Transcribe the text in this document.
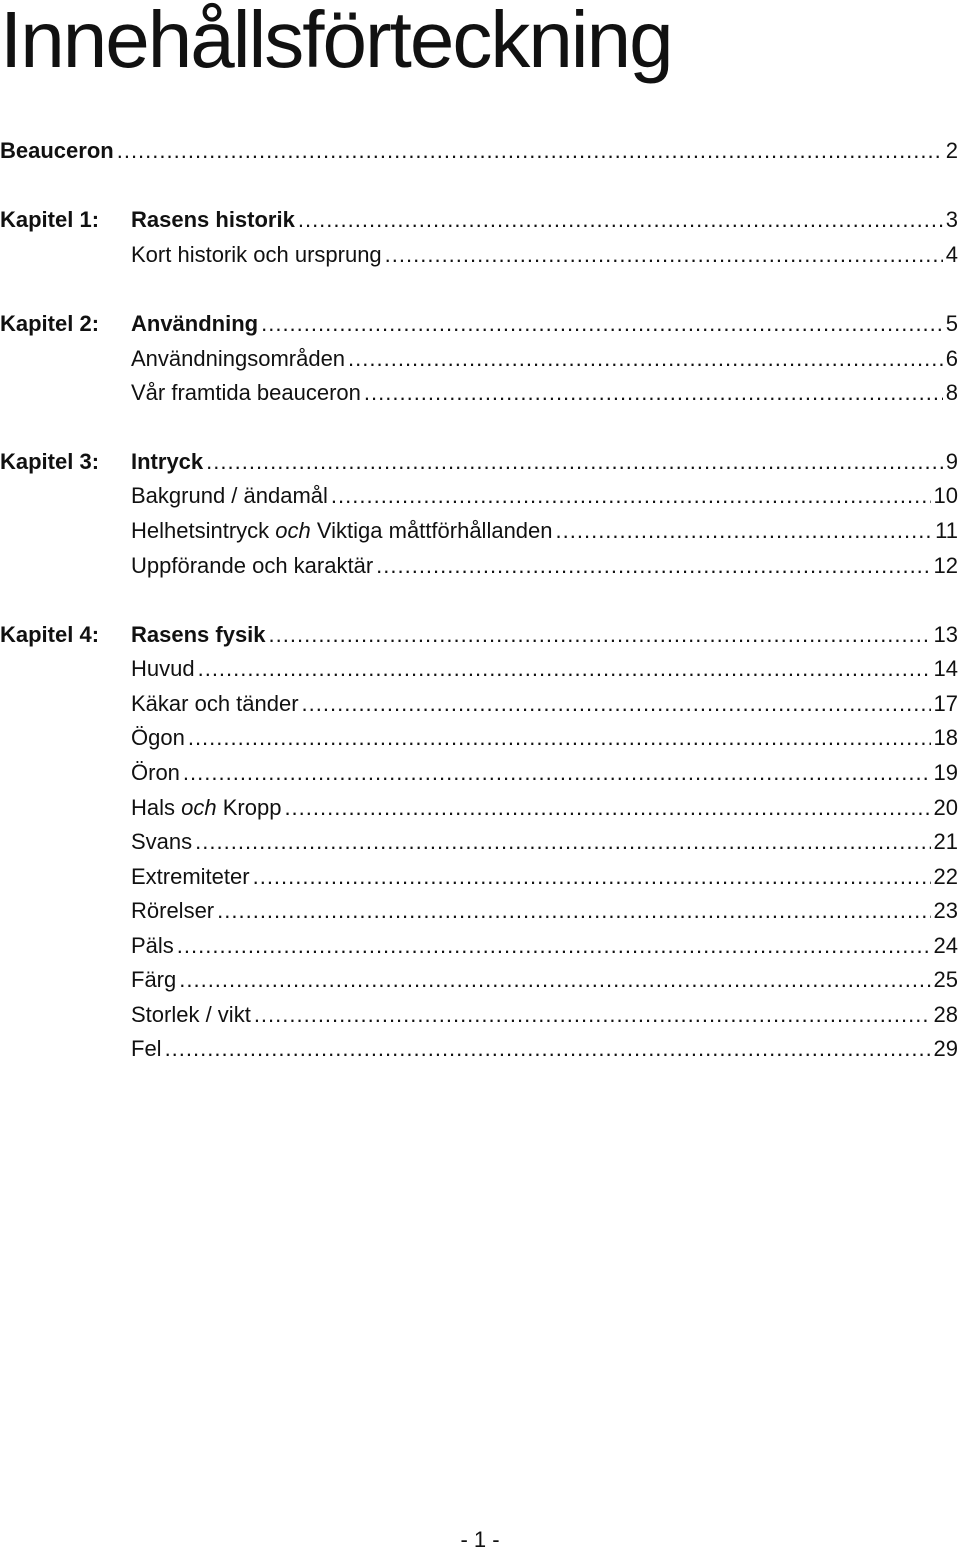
Innehållsförteckning
Beauceron .....	2
Kapitel 1: Rasens historik .....	3
Kort historik och ursprung .....	4
Kapitel 2: Användning .....	5
Användningsområden .....	6
Vår framtida beauceron .....	8
Kapitel 3: Intryck .....	9
Bakgrund / ändamål .....	10
Helhetsintryck och Viktiga måttförhållanden .....	11
Uppförande och karaktär .....	12
Kapitel 4: Rasens fysik .....	13
Huvud .....	14
Käkar och tänder .....	17
Ögon .....	18
Öron .....	19
Hals och Kropp .....	20
Svans .....	21
Extremiteter .....	22
Rörelser .....	23
Päls .....	24
Färg .....	25
Storlek / vikt .....	28
Fel .....	29
- 1 -
